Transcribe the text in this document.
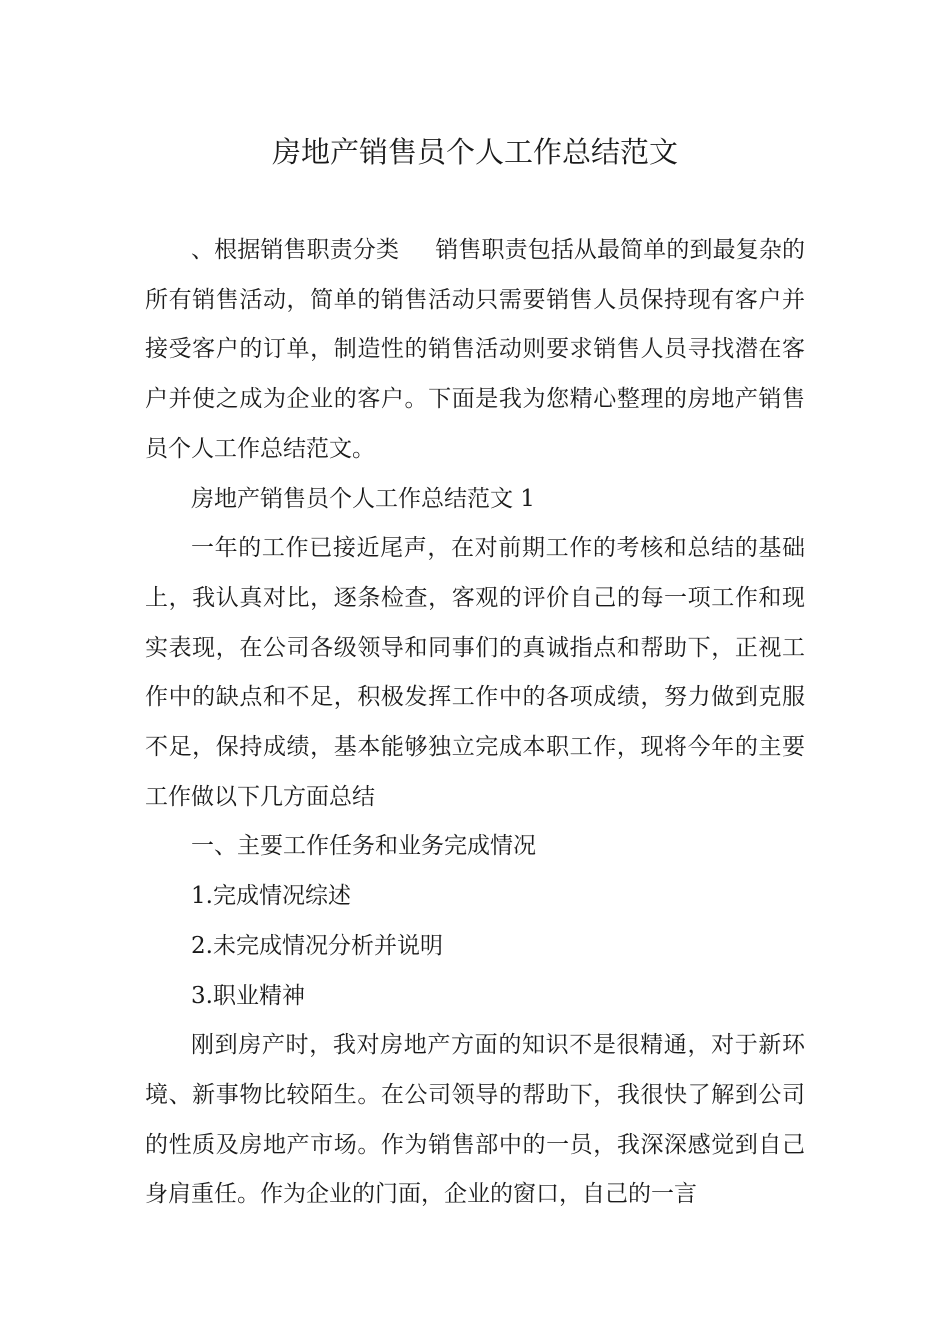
房地产销售员个人工作总结范文

、根据销售职责分类 销售职责包括从最简单的到最复杂的所有销售活动，简单的销售活动只需要销售人员保持现有客户并接受客户的订单，制造性的销售活动则要求销售人员寻找潜在客户并使之成为企业的客户。下面是我为您精心整理的房地产销售员个人工作总结范文。

房地产销售员个人工作总结范文 1

一年的工作已接近尾声，在对前期工作的考核和总结的基础上，我认真对比，逐条检查，客观的评价自己的每一项工作和现实表现，在公司各级领导和同事们的真诚指点和帮助下，正视工作中的缺点和不足，积极发挥工作中的各项成绩，努力做到克服不足，保持成绩，基本能够独立完成本职工作，现将今年的主要工作做以下几方面总结

一、主要工作任务和业务完成情况

1.完成情况综述

2.未完成情况分析并说明

3.职业精神

刚到房产时，我对房地产方面的知识不是很精通，对于新环境、新事物比较陌生。在公司领导的帮助下，我很快了解到公司的性质及房地产市场。作为销售部中的一员，我深深感觉到自己身肩重任。作为企业的门面，企业的窗口，自己的一言
